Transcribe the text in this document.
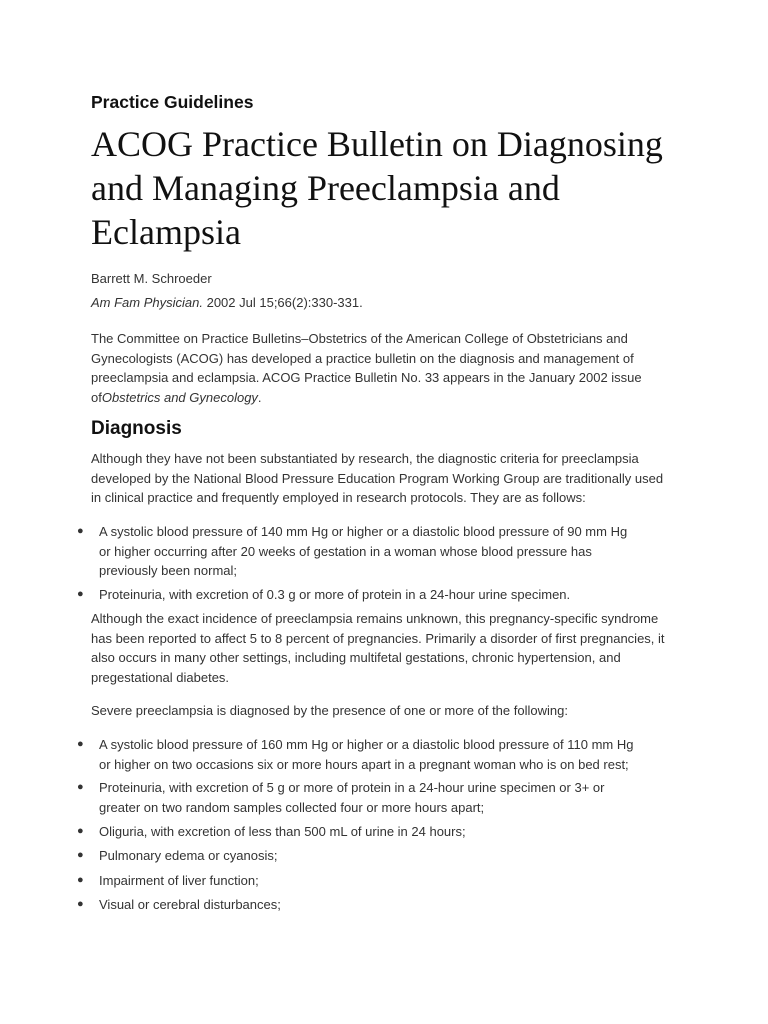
Practice Guidelines
ACOG Practice Bulletin on Diagnosing
and Managing Preeclampsia and
Eclampsia
Barrett M. Schroeder
Am Fam Physician. 2002 Jul 15;66(2):330-331.

The Committee on Practice Bulletins–Obstetrics of the American College of Obstetricians and
Gynecologists (ACOG) has developed a practice bulletin on the diagnosis and management of
preeclampsia and eclampsia. ACOG Practice Bulletin No. 33 appears in the January 2002 issue
ofObstetrics and Gynecology.

Diagnosis

Although they have not been substantiated by research, the diagnostic criteria for preeclampsia
developed by the National Blood Pressure Education Program Working Group are traditionally used
in clinical practice and frequently employed in research protocols. They are as follows:

● A systolic blood pressure of 140 mm Hg or higher or a diastolic blood pressure of 90 mm Hg
or higher occurring after 20 weeks of gestation in a woman whose blood pressure has
previously been normal;
● Proteinuria, with excretion of 0.3 g or more of protein in a 24-hour urine specimen.

Although the exact incidence of preeclampsia remains unknown, this pregnancy-specific syndrome
has been reported to affect 5 to 8 percent of pregnancies. Primarily a disorder of first pregnancies, it
also occurs in many other settings, including multifetal gestations, chronic hypertension, and
pregestational diabetes.

Severe preeclampsia is diagnosed by the presence of one or more of the following:

● A systolic blood pressure of 160 mm Hg or higher or a diastolic blood pressure of 110 mm Hg
or higher on two occasions six or more hours apart in a pregnant woman who is on bed rest;
● Proteinuria, with excretion of 5 g or more of protein in a 24-hour urine specimen or 3+ or
greater on two random samples collected four or more hours apart;
● Oliguria, with excretion of less than 500 mL of urine in 24 hours;
● Pulmonary edema or cyanosis;
● Impairment of liver function;
● Visual or cerebral disturbances;
